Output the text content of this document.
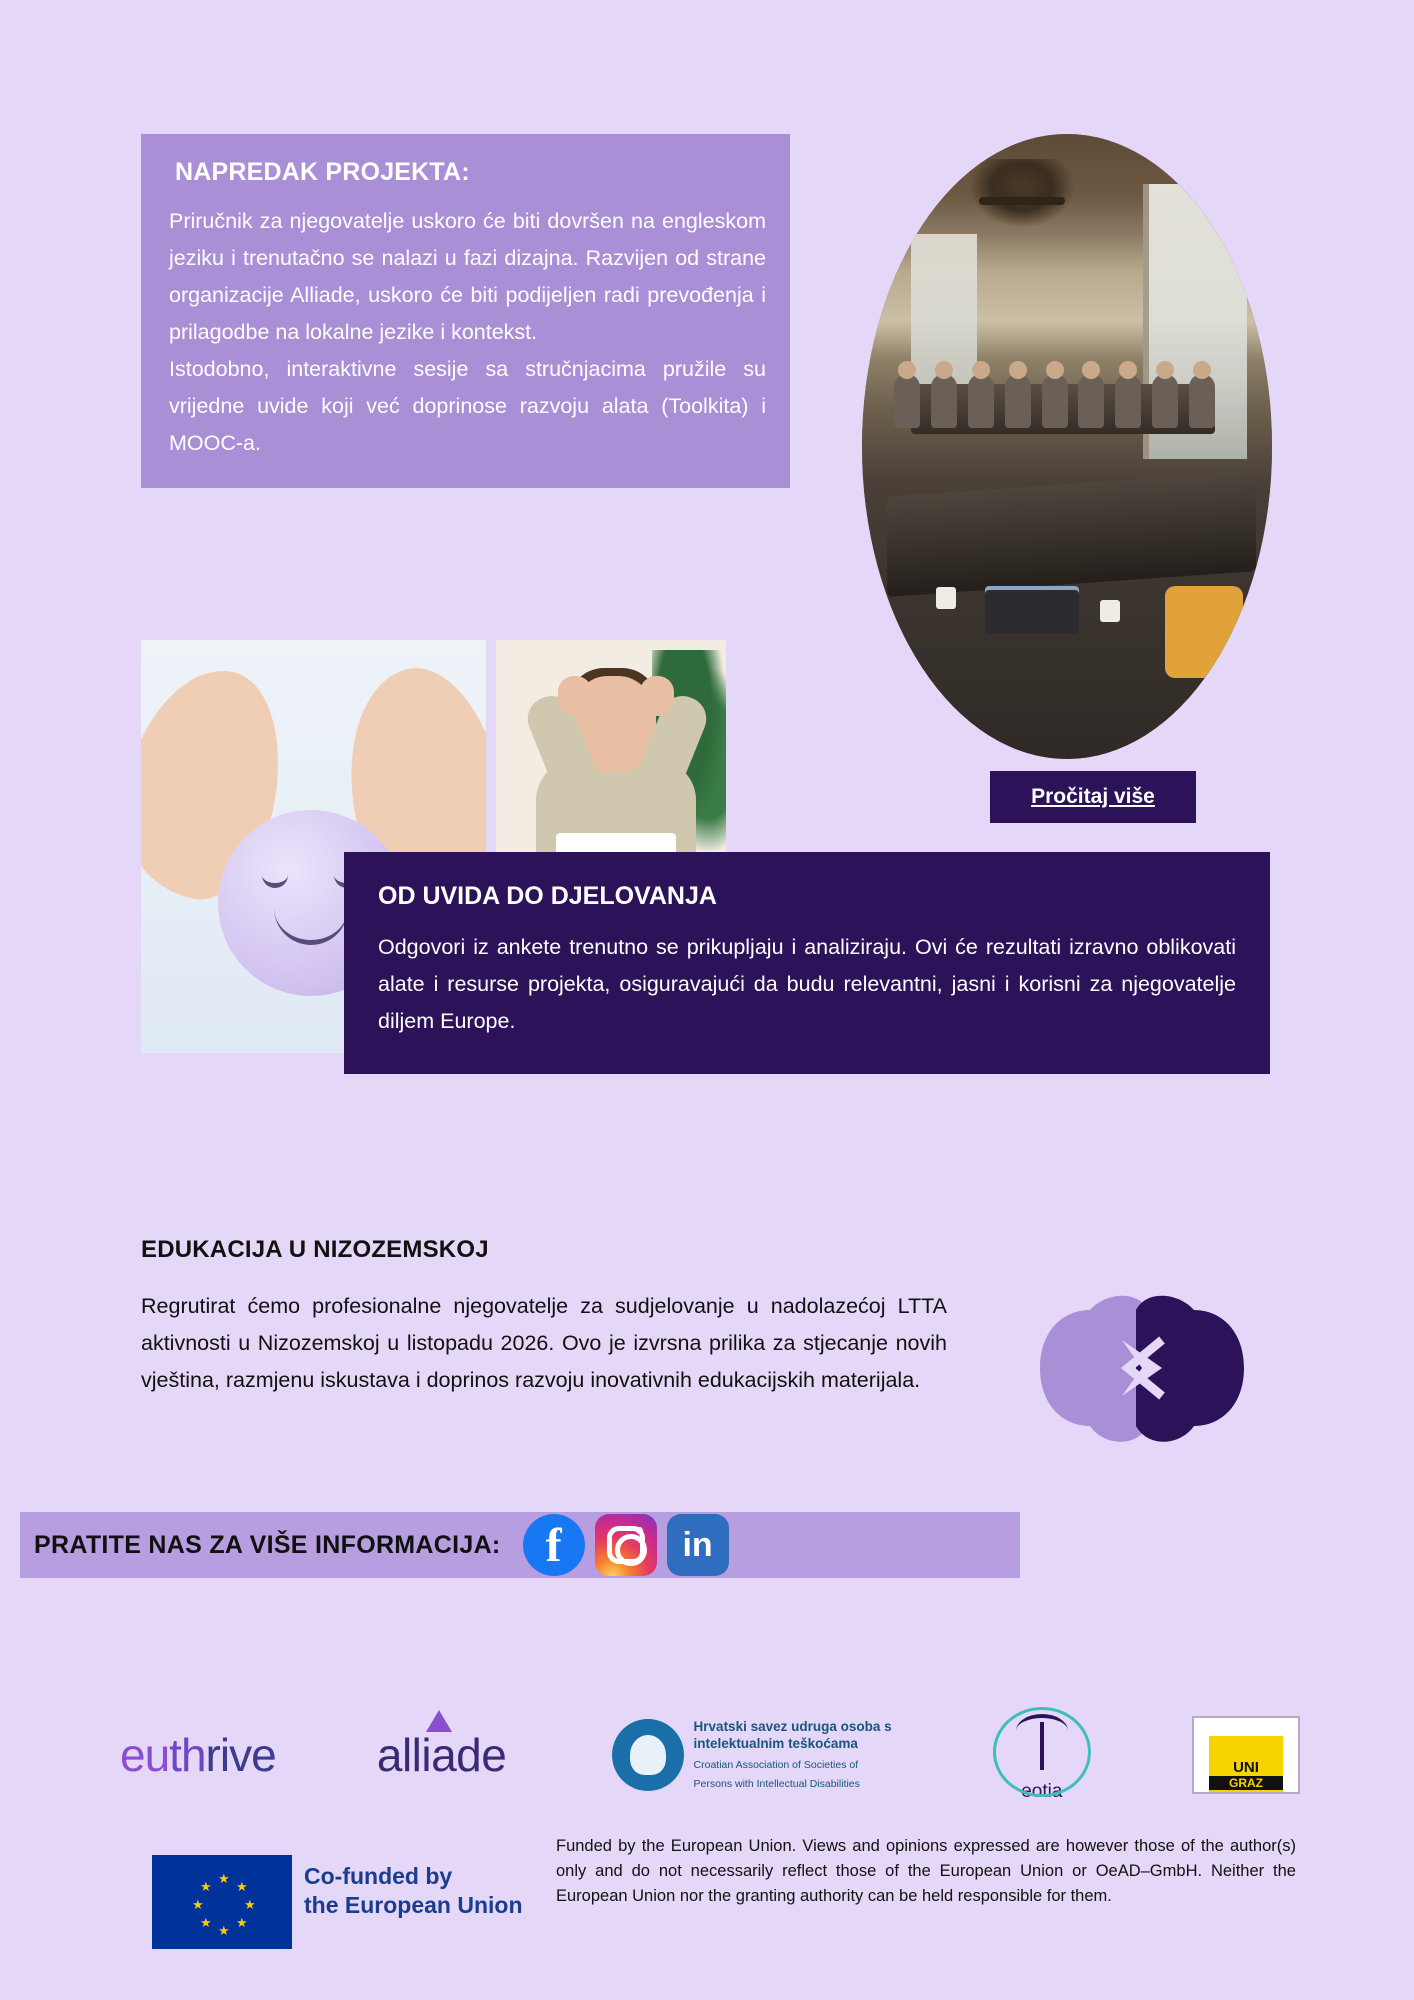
NAPREDAK PROJEKTA:

Priručnik za njegovatelje uskoro će biti dovršen na engleskom jeziku i trenutačno se nalazi u fazi dizajna. Razvijen od strane organizacije Alliade, uskoro će biti podijeljen radi prevođenja i prilagodbe na lokalne jezike i kontekst.

Istodobno, interaktivne sesije sa stručnjacima pružile su vrijedne uvide koji već doprinose razvoju alata (Toolkita) i MOOC-a.

Pročitaj više
OD UVIDA DO DJELOVANJA

Odgovori iz ankete trenutno se prikupljaju i analiziraju. Ovi će rezultati izravno oblikovati alate i resurse projekta, osiguravajući da budu relevantni, jasni i korisni za njegovatelje diljem Europe.

EDUKACIJA U NIZOZEMSKOJ

Regrutirat ćemo profesionalne njegovatelje za sudjelovanje u nadolazećoj LTTA aktivnosti u Nizozemskoj u listopadu 2026. Ovo je izvrsna prilika za stjecanje novih vještina, razmjenu iskustava i doprinos razvoju inovativnih edukacijskih materijala.

PRATITE NAS ZA VIŠE INFORMACIJA:
f
in
euthrive alliade
Hrvatski savez udruga osoba s
intelektualnim teškoćama
Croatian Association of Societies of
Persons with Intellectual Disabilities	eotia
UNI
GRAZ
★
★
★
★
★
★
★
★	Co-funded by
the European Union
Funded by the European Union. Views and opinions expressed are however those of the author(s) only and do not necessarily reflect those of the European Union or OeAD–GmbH. Neither the European Union nor the granting authority can be held responsible for them.
